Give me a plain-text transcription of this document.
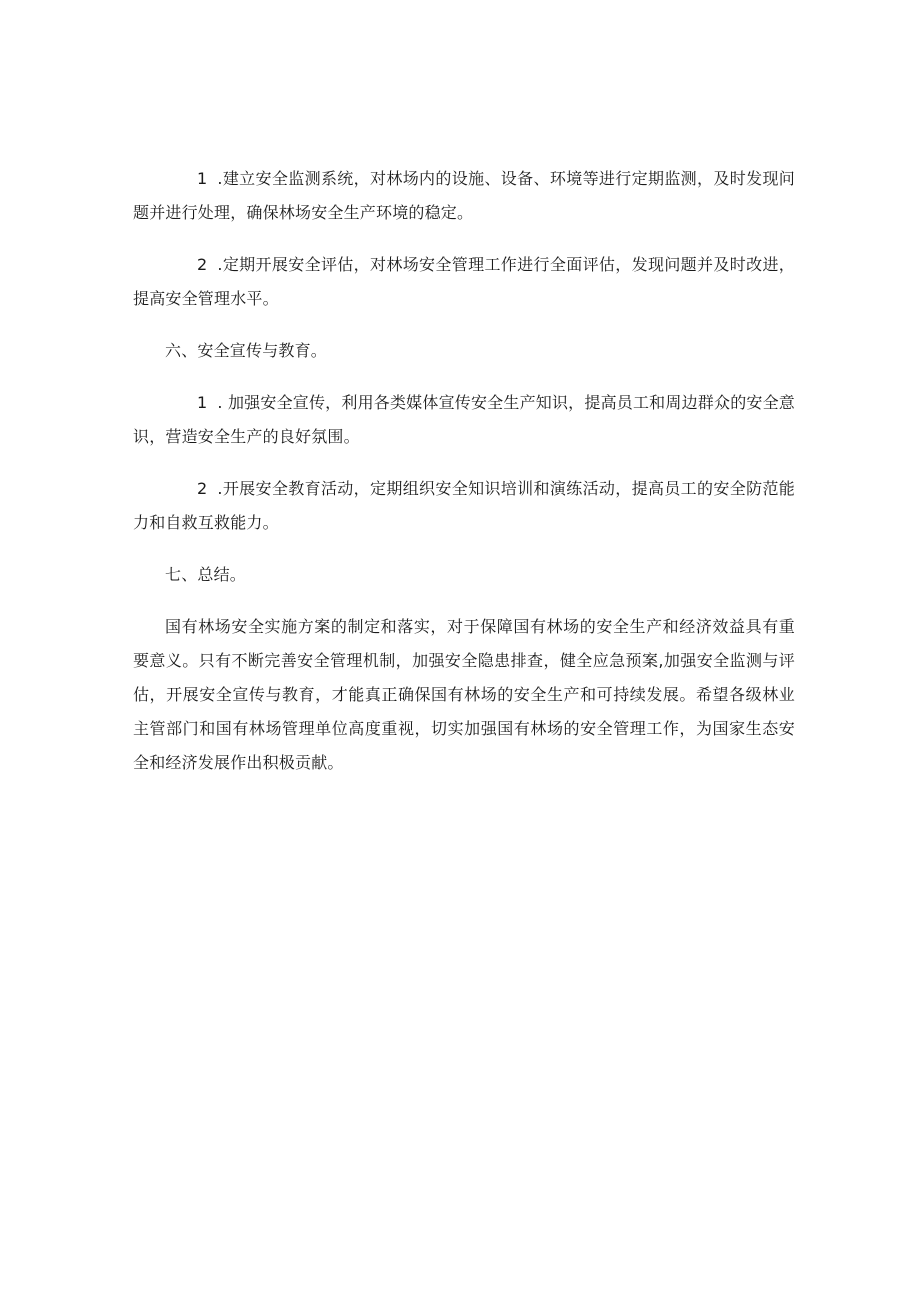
1 .建立安全监测系统，对林场内的设施、设备、环境等进行定期监测，及时发现问题并进行处理，确保林场安全生产环境的稳定。

2 .定期开展安全评估，对林场安全管理工作进行全面评估，发现问题并及时改进，提高安全管理水平。

六、安全宣传与教育。

1 . 加强安全宣传，利用各类媒体宣传安全生产知识，提高员工和周边群众的安全意识，营造安全生产的良好氛围。

2 .开展安全教育活动，定期组织安全知识培训和演练活动，提高员工的安全防范能力和自救互救能力。

七、总结。

国有林场安全实施方案的制定和落实，对于保障国有林场的安全生产和经济效益具有重要意义。只有不断完善安全管理机制，加强安全隐患排查，健全应急预案,加强安全监测与评估，开展安全宣传与教育，才能真正确保国有林场的安全生产和可持续发展。希望各级林业主管部门和国有林场管理单位高度重视，切实加强国有林场的安全管理工作，为国家生态安全和经济发展作出积极贡献。
